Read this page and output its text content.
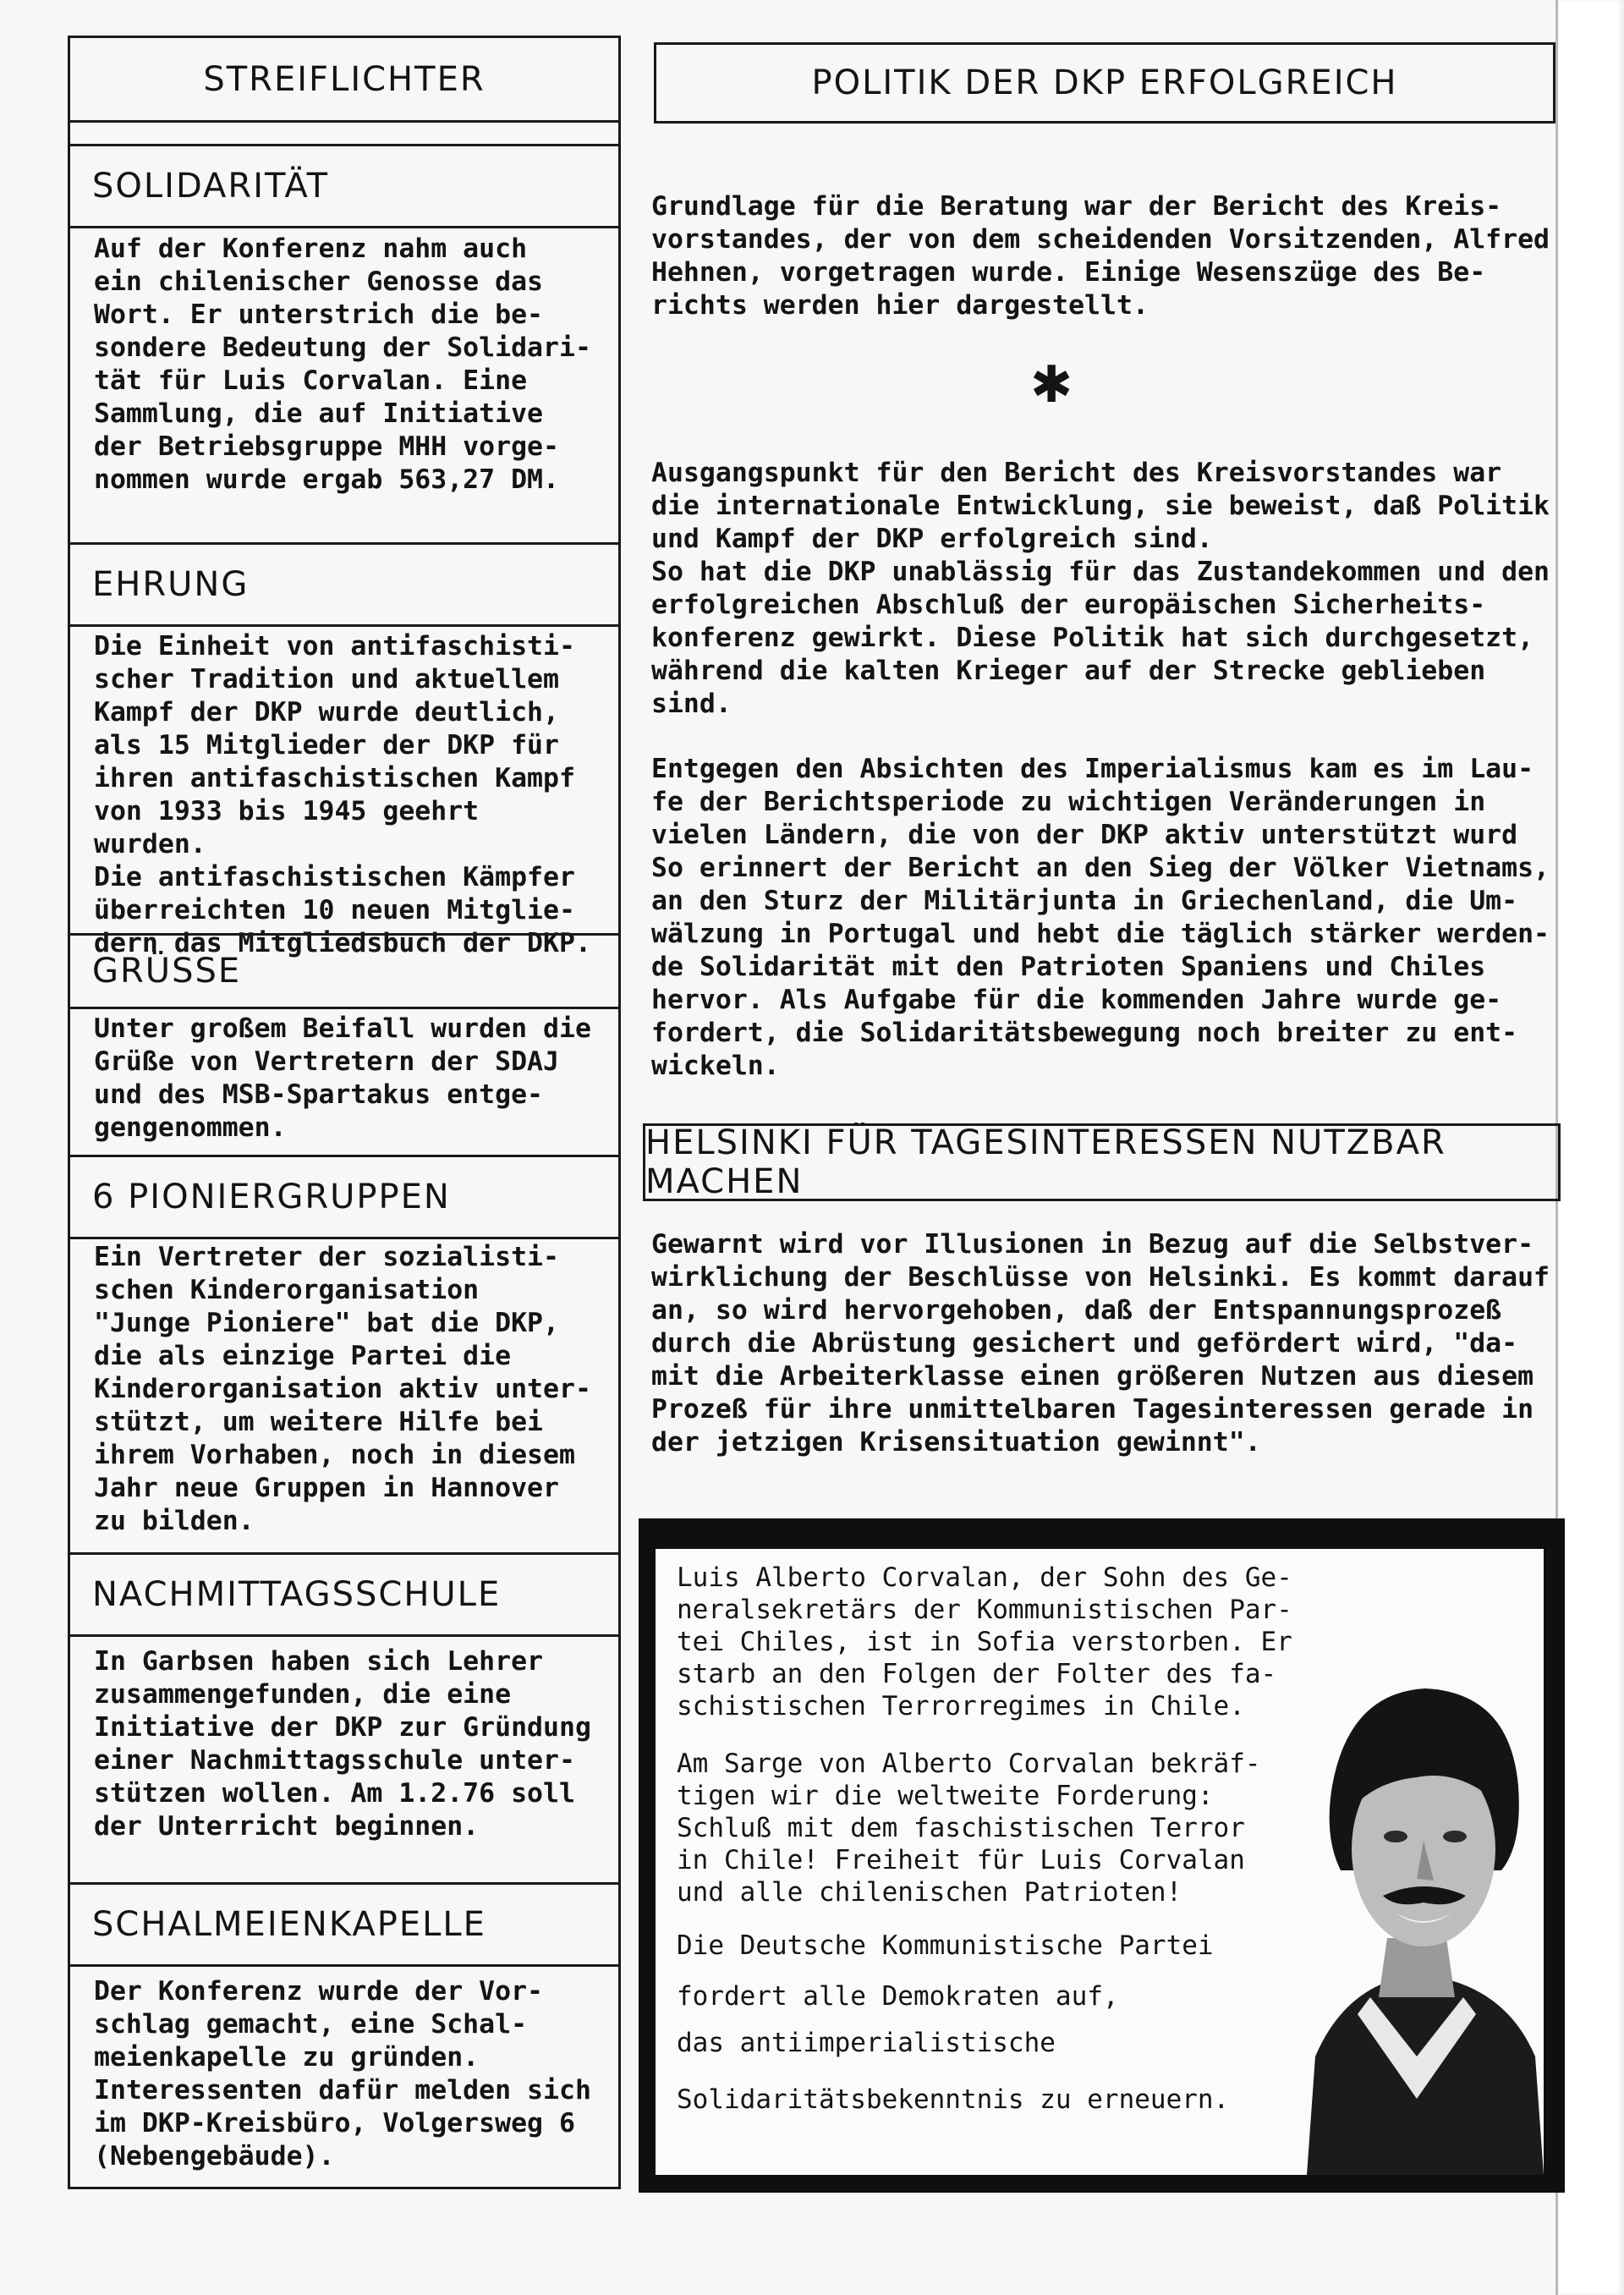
STREIFLICHTER
SOLIDARITÄT
Auf der Konferenz nahm auch
ein chilenischer Genosse das
Wort. Er unterstrich die be-
sondere Bedeutung der Solidari-
tät für Luis Corvalan. Eine
Sammlung, die auf Initiative
der Betriebsgruppe MHH vorge-
nommen wurde ergab 563,27 DM.
EHRUNG
Die Einheit von antifaschisti-
scher Tradition und aktuellem
Kampf der DKP wurde deutlich,
als 15 Mitglieder der DKP für
ihren antifaschistischen Kampf
von 1933 bis 1945 geehrt wurden.
Die antifaschistischen Kämpfer
überreichten 10 neuen Mitglie-
dern das Mitgliedsbuch der DKP.
GRÜSSE
Unter großem Beifall wurden die
Grüße von Vertretern der SDAJ
und des MSB-Spartakus entge-
gengenommen.
6 PIONIERGRUPPEN
Ein Vertreter der sozialisti-
schen Kinderorganisation
"Junge Pioniere" bat die DKP,
die als einzige Partei die
Kinderorganisation aktiv unter-
stützt, um weitere Hilfe bei
ihrem Vorhaben, noch in diesem
Jahr neue Gruppen in Hannover
zu bilden.
NACHMITTAGSSCHULE
In Garbsen haben sich Lehrer
zusammengefunden, die eine
Initiative der DKP zur Gründung
einer Nachmittagsschule unter-
stützen wollen. Am 1.2.76 soll
der Unterricht beginnen.
SCHALMEIENKAPELLE
Der Konferenz wurde der Vor-
schlag gemacht, eine Schal-
meienkapelle zu gründen.
Interessenten dafür melden sich
im DKP-Kreisbüro, Volgersweg 6
(Nebengebäude).
POLITIK DER DKP ERFOLGREICH
Grundlage für die Beratung war der Bericht des Kreis-
vorstandes, der von dem scheidenden Vorsitzenden, Alfred
Hehnen, vorgetragen wurde. Einige Wesenszüge des Be-
richts werden hier dargestellt.
✱
Ausgangspunkt für den Bericht des Kreisvorstandes war
die internationale Entwicklung, sie beweist, daß Politik
und Kampf der DKP erfolgreich sind.
So hat die DKP unablässig für das Zustandekommen und den
erfolgreichen Abschluß der europäischen Sicherheits-
konferenz gewirkt. Diese Politik hat sich durchgesetzt,
während die kalten Krieger auf der Strecke geblieben
sind.
Entgegen den Absichten des Imperialismus kam es im Lau-
fe der Berichtsperiode zu wichtigen Veränderungen in
vielen Ländern, die von der DKP aktiv unterstützt wurd
So erinnert der Bericht an den Sieg der Völker Vietnams,
an den Sturz der Militärjunta in Griechenland, die Um-
wälzung in Portugal und hebt die täglich stärker werden-
de Solidarität mit den Patrioten Spaniens und Chiles
hervor. Als Aufgabe für die kommenden Jahre wurde ge-
fordert, die Solidaritätsbewegung noch breiter zu ent-
wickeln.
HELSINKI FÜR TAGESINTERESSEN NUTZBAR MACHEN
Gewarnt wird vor Illusionen in Bezug auf die Selbstver-
wirklichung der Beschlüsse von Helsinki. Es kommt darauf
an, so wird hervorgehoben, daß der Entspannungsprozeß
durch die Abrüstung gesichert und gefördert wird, "da-
mit die Arbeiterklasse einen größeren Nutzen aus diesem
Prozeß für ihre unmittelbaren Tagesinteressen gerade in
der jetzigen Krisensituation gewinnt".
Luis Alberto Corvalan, der Sohn des Ge-
neralsekretärs der Kommunistischen Par-
tei Chiles, ist in Sofia verstorben. Er
starb an den Folgen der Folter des fa-
schistischen Terrorregimes in Chile.
Am Sarge von Alberto Corvalan bekräf-
tigen wir die weltweite Forderung:
Schluß mit dem faschistischen Terror
in Chile! Freiheit für Luis Corvalan
und alle chilenischen Patrioten!
Die Deutsche Kommunistische Partei
fordert alle Demokraten auf,
das antiimperialistische
Solidaritätsbekenntnis zu erneuern.
